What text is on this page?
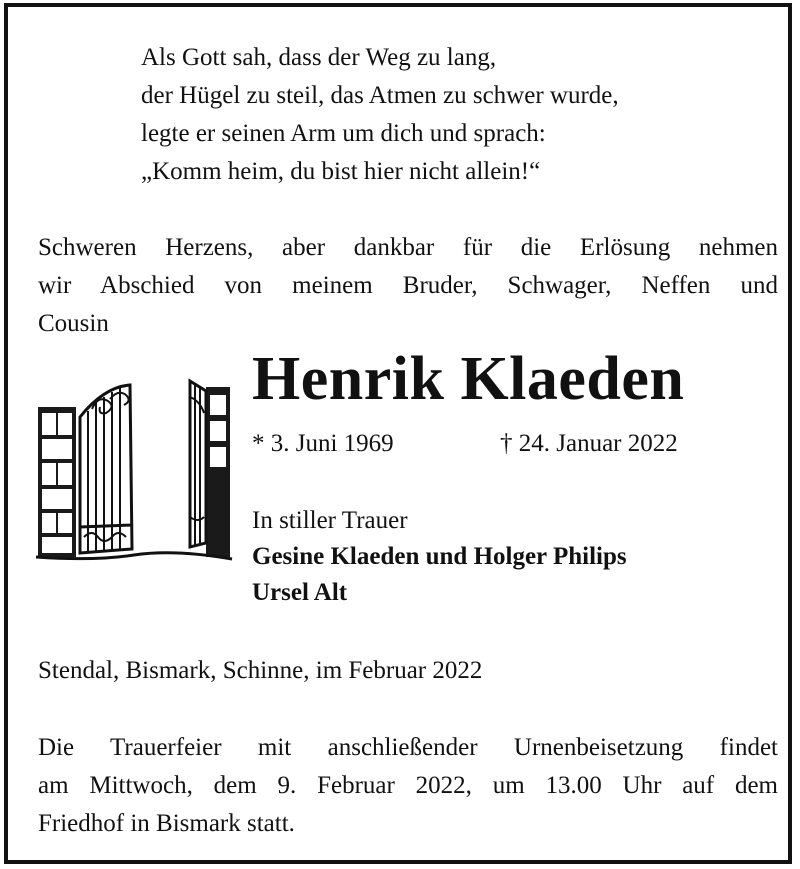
Als Gott sah, dass der Weg zu lang,
der Hügel zu steil, das Atmen zu schwer wurde,
legte er seinen Arm um dich und sprach:
„Komm heim, du bist hier nicht allein!“
Schweren Herzens, aber dankbar für die Erlösung nehmen
wir Abschied von meinem Bruder, Schwager, Neffen und
Cousin
Henrik Klaeden
* 3. Juni 1969	† 24. Januar 2022
In stiller Trauer
Gesine Klaeden und Holger Philips
Ursel Alt
Stendal, Bismark, Schinne, im Februar 2022
Die Trauerfeier mit anschließender Urnenbeisetzung findet
am Mittwoch, dem 9. Februar 2022, um 13.00 Uhr auf dem
Friedhof in Bismark statt.
